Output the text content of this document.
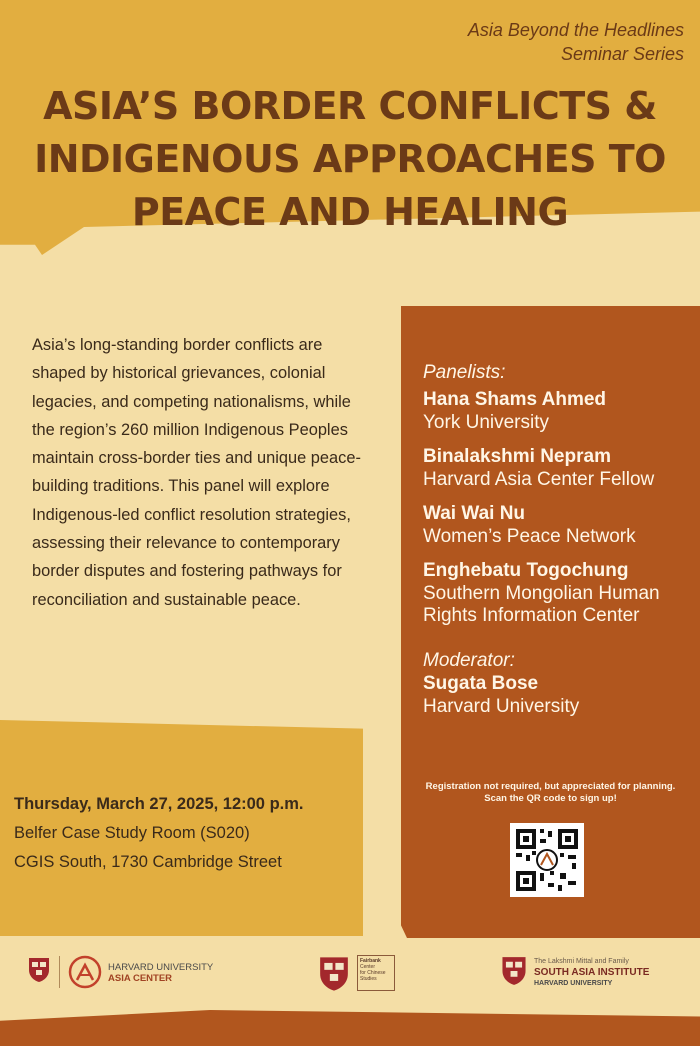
Asia Beyond the Headlines
Seminar Series
ASIA’S BORDER CONFLICTS &
INDIGENOUS APPROACHES TO
PEACE AND HEALING
Asia’s long-standing border conflicts are shaped by historical grievances, colonial legacies, and competing nationalisms, while the region’s 260 million Indigenous Peoples maintain cross-border ties and unique peace-building traditions. This panel will explore Indigenous-led conflict resolution strategies, assessing their relevance to contemporary border disputes and fostering pathways for reconciliation and sustainable peace.
Panelists:
Hana Shams Ahmed
York University
Binalakshmi Nepram
Harvard Asia Center Fellow
Wai Wai Nu
Women’s Peace Network
Enghebatu Togochung
Southern Mongolian Human
Rights Information Center
Moderator:
Sugata Bose
Harvard University
Thursday, March 27, 2025, 12:00 p.m.
Belfer Case Study Room (S020)
CGIS South, 1730 Cambridge Street
Registration not required, but appreciated for planning.
Scan the QR code to sign up!
HARVARD UNIVERSITY
ASIA CENTER
Fairbank
Center
for Chinese
Studies
The Lakshmi Mittal and Family
SOUTH ASIA INSTITUTE
HARVARD UNIVERSITY
